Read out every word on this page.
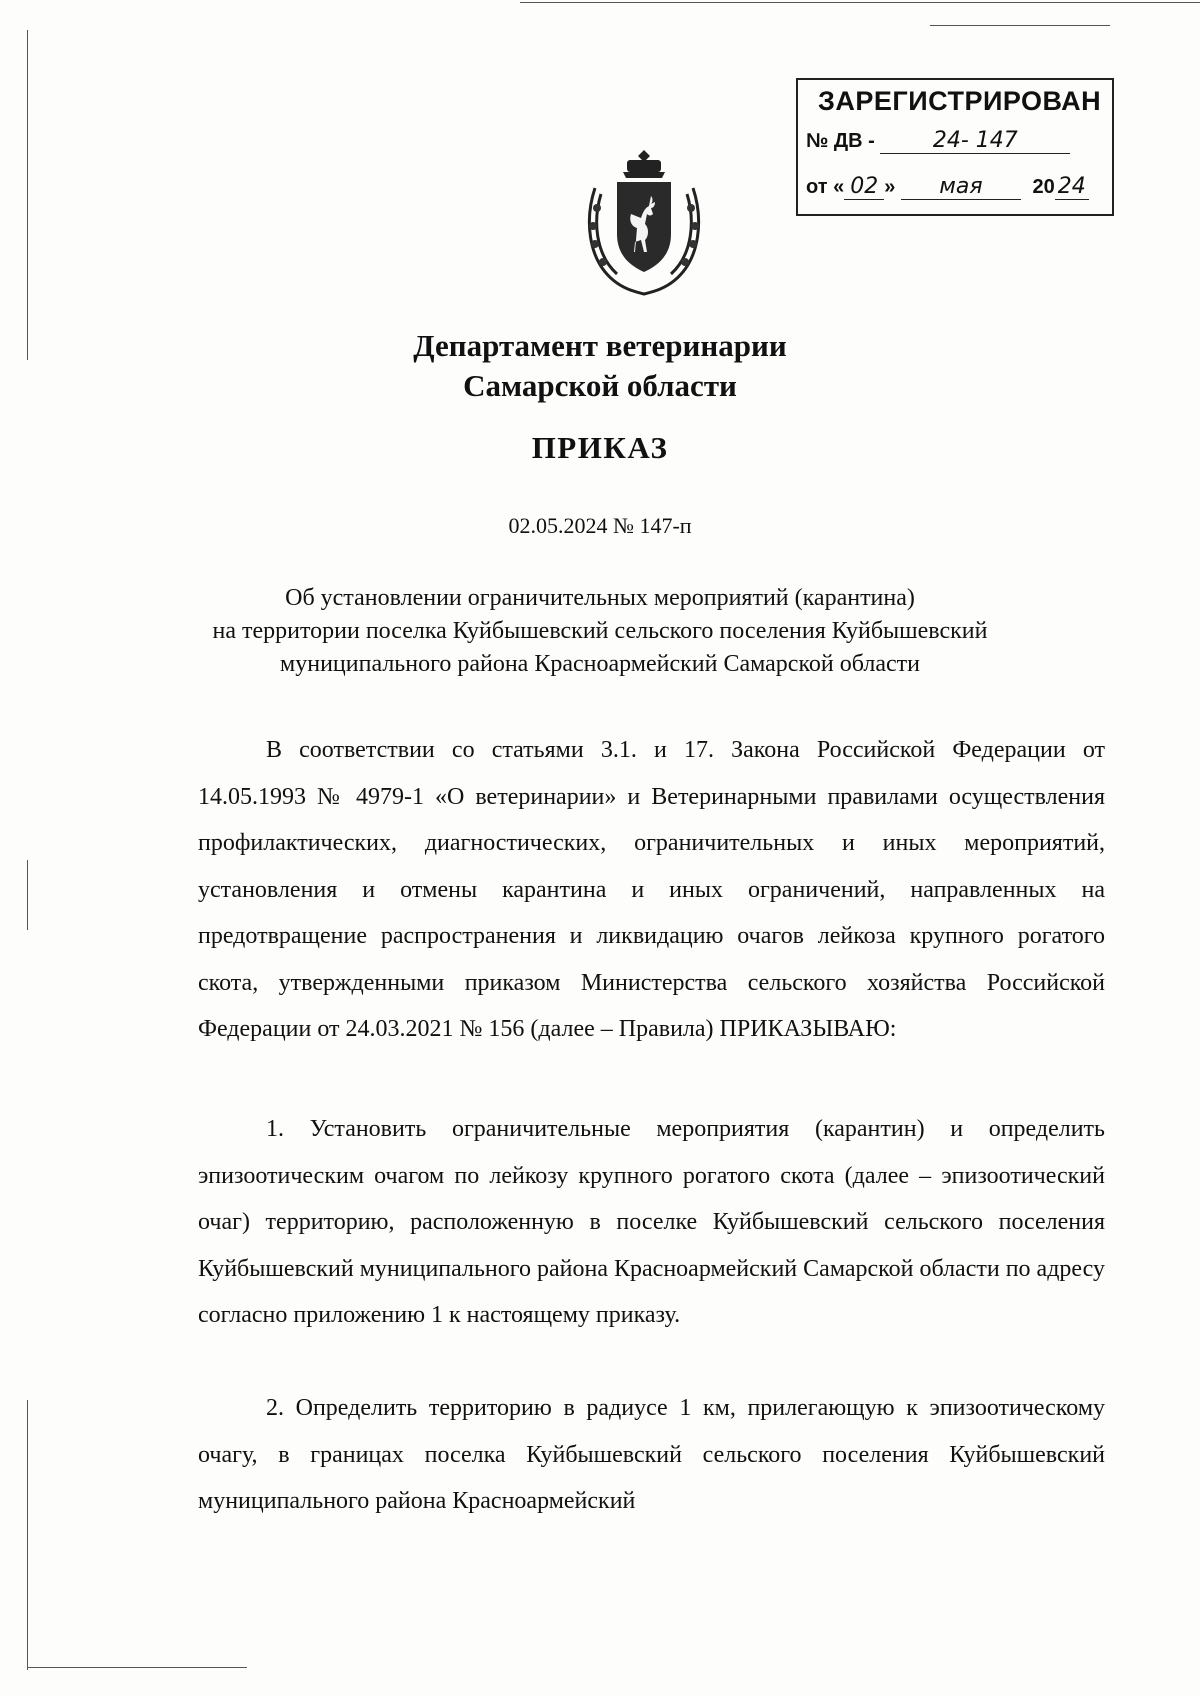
ЗАРЕГИСТРИРОВАН
№ ДВ -	24- 147
от « 02 » мая 20 24
Департамент ветеринарии
Самарской области
ПРИКАЗ
02.05.2024 № 147-п
Об установлении ограничительных мероприятий (карантина)
на территории поселка Куйбышевский сельского поселения Куйбышевский
муниципального района Красноармейский Самарской области
В соответствии со статьями 3.1. и 17. Закона Российской Федерации от 14.05.1993 № 4979-1 «О ветеринарии» и Ветеринарными правилами осуществления профилактических, диагностических, ограничительных и иных мероприятий, установления и отмены карантина и иных ограничений, направленных на предотвращение распространения и ликвидацию очагов лейкоза крупного рогатого скота, утвержденными приказом Министерства сельского хозяйства Российской Федерации от 24.03.2021 № 156 (далее – Правила) ПРИКАЗЫВАЮ:
1. Установить ограничительные мероприятия (карантин) и определить эпизоотическим очагом по лейкозу крупного рогатого скота (далее – эпизоотический очаг) территорию, расположенную в поселке Куйбышевский сельского поселения Куйбышевский муниципального района Красноармейский Самарской области по адресу согласно приложению 1 к настоящему приказу.
2. Определить территорию в радиусе 1 км, прилегающую к эпизоотическому очагу, в границах поселка Куйбышевский сельского поселения Куйбышевский муниципального района Красноармейский
